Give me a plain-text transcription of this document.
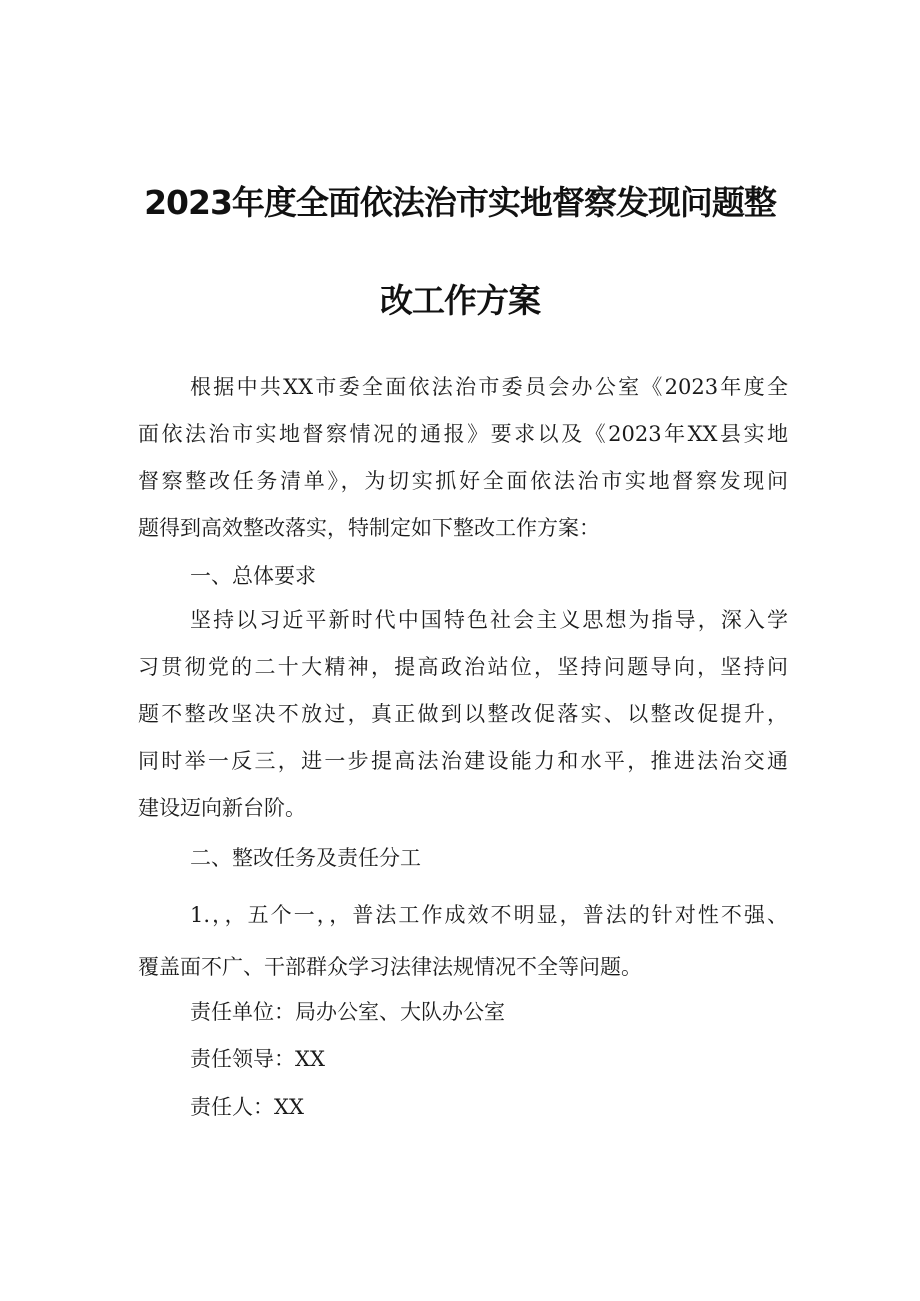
2023年度全面依法治市实地督察发现问题整
改工作方案
根据中共XX市委全面依法治市委员会办公室《2023年度全
面依法治市实地督察情况的通报》要求以及《2023年XX县实地
督察整改任务清单》，为切实抓好全面依法治市实地督察发现问
题得到高效整改落实，特制定如下整改工作方案：
一、总体要求
坚持以习近平新时代中国特色社会主义思想为指导，深入学
习贯彻党的二十大精神，提高政治站位，坚持问题导向，坚持问
题不整改坚决不放过，真正做到以整改促落实、以整改促提升，
同时举一反三，进一步提高法治建设能力和水平，推进法治交通
建设迈向新台阶。
二、整改任务及责任分工
1.，，五个一，，普法工作成效不明显，普法的针对性不强、
覆盖面不广、干部群众学习法律法规情况不全等问题。
责任单位：局办公室、大队办公室
责任领导：XX
责任人：XX
